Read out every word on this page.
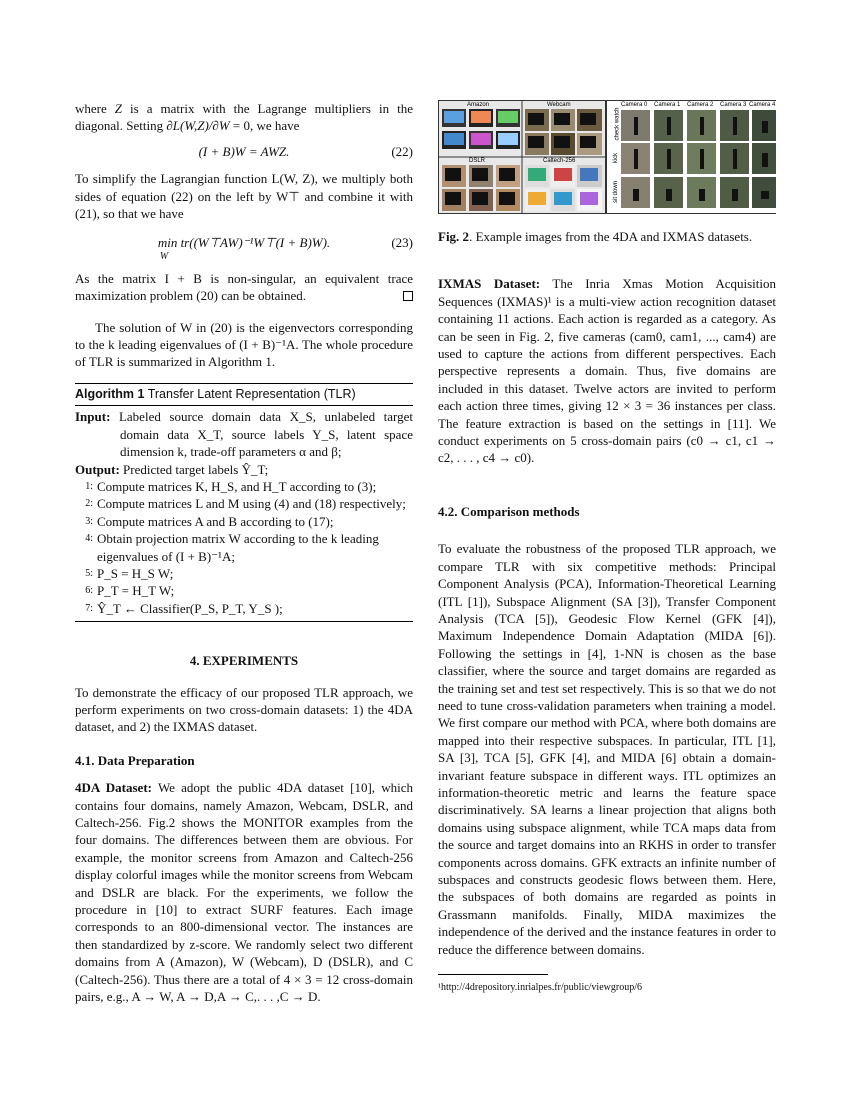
where Z is a matrix with the Lagrange multipliers in the diagonal. Setting ∂L(W,Z)/∂W = 0, we have

(I + B)W = AWZ.	(22)

To simplify the Lagrangian function L(W, Z), we multiply both sides of equation (22) on the left by W⊤ and combine it with (21), so that we have

min tr((W⊤AW)⁻¹W⊤(I + B)W).	(23)
W

As the matrix I + B is non-singular, an equivalent trace maximization problem (20) can be obtained.

The solution of W in (20) is the eigenvectors corresponding to the k leading eigenvalues of (I + B)⁻¹A. The whole procedure of TLR is summarized in Algorithm 1.

Algorithm 1 Transfer Latent Representation (TLR)
Input: Labeled source domain data X_S, unlabeled target domain data X_T, source labels Y_S, latent space dimension k, trade-off parameters α and β;
Output: Predicted target labels Ŷ_T;
1: Compute matrices K, H_S, and H_T according to (3);
2: Compute matrices L and M using (4) and (18) respectively;
3: Compute matrices A and B according to (17);
4: Obtain projection matrix W according to the k leading eigenvalues of (I + B)⁻¹A;
5: P_S = H_S W;
6: P_T = H_T W;
7: Ŷ_T ← Classifier(P_S, P_T, Y_S );
4. EXPERIMENTS

To demonstrate the efficacy of our proposed TLR approach, we perform experiments on two cross-domain datasets: 1) the 4DA dataset, and 2) the IXMAS dataset.

4.1. Data Preparation

4DA Dataset: We adopt the public 4DA dataset [10], which contains four domains, namely Amazon, Webcam, DSLR, and Caltech-256. Fig.2 shows the MONITOR examples from the four domains. The differences between them are obvious. For example, the monitor screens from Amazon and Caltech-256 display colorful images while the monitor screens from Webcam and DSLR are black. For the experiments, we follow the procedure in [10] to extract SURF features. Each image corresponds to an 800-dimensional vector. The instances are then standardized by z-score. We randomly select two different domains from A (Amazon), W (Webcam), D (DSLR), and C (Caltech-256). Thus there are a total of 4 × 3 = 12 cross-domain pairs, e.g., A → W, A → D,A → C,. . . ,C → D.

Amazon	Webcam
DSLR	Caltech-256
Camera 0 Camera 1 Camera 2 Camera 3 Camera 4
check watch
kick
sit down
Fig. 2. Example images from the 4DA and IXMAS datasets.

IXMAS Dataset: The Inria Xmas Motion Acquisition Sequences (IXMAS)¹ is a multi-view action recognition dataset containing 11 actions. Each action is regarded as a category. As can be seen in Fig. 2, five cameras (cam0, cam1, ..., cam4) are used to capture the actions from different perspectives. Each perspective represents a domain. Thus, five domains are included in this dataset. Twelve actors are invited to perform each action three times, giving 12 × 3 = 36 instances per class. The feature extraction is based on the settings in [11]. We conduct experiments on 5 cross-domain pairs (c0 → c1, c1 → c2, . . . , c4 → c0).

4.2. Comparison methods

To evaluate the robustness of the proposed TLR approach, we compare TLR with six competitive methods: Principal Component Analysis (PCA), Information-Theoretical Learning (ITL [1]), Subspace Alignment (SA [3]), Transfer Component Analysis (TCA [5]), Geodesic Flow Kernel (GFK [4]), Maximum Independence Domain Adaptation (MIDA [6]). Following the settings in [4], 1-NN is chosen as the base classifier, where the source and target domains are regarded as the training set and test set respectively. This is so that we do not need to tune cross-validation parameters when training a model. We first compare our method with PCA, where both domains are mapped into their respective subspaces. In particular, ITL [1], SA [3], TCA [5], GFK [4], and MIDA [6] obtain a domain-invariant feature subspace in different ways. ITL optimizes an information-theoretic metric and learns the feature space discriminatively. SA learns a linear projection that aligns both domains using subspace alignment, while TCA maps data from the source and target domains into an RKHS in order to transfer components across domains. GFK extracts an infinite number of subspaces and constructs geodesic flows between them. Here, the subspaces of both domains are regarded as points in Grassmann manifolds. Finally, MIDA maximizes the independence of the derived and the instance features in order to reduce the difference between domains.

¹http://4drepository.inrialpes.fr/public/viewgroup/6
